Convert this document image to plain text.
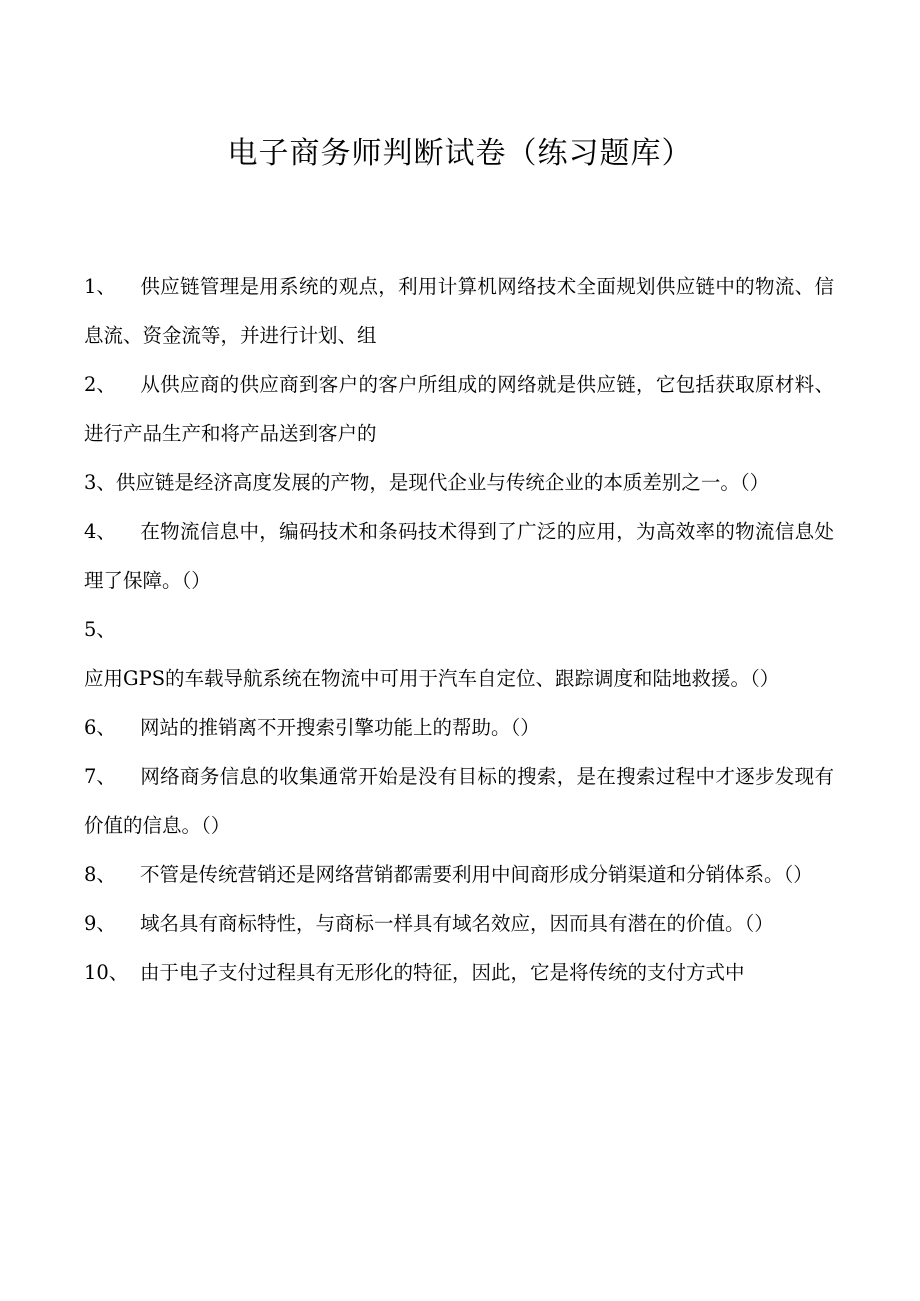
电子商务师判断试卷（练习题库）

1、 供应链管理是用系统的观点，利用计算机网络技术全面规划供应链中的物流、信息流、资金流等，并进行计划、组

2、 从供应商的供应商到客户的客户所组成的网络就是供应链，它包括获取原材料、进行产品生产和将产品送到客户的

3、供应链是经济高度发展的产物，是现代企业与传统企业的本质差别之一。（）

4、 在物流信息中，编码技术和条码技术得到了广泛的应用，为高效率的物流信息处理了保障。（）

5、应用GPS的车载导航系统在物流中可用于汽车自定位、跟踪调度和陆地救援。（）

6、 网站的推销离不开搜索引擎功能上的帮助。（）

7、 网络商务信息的收集通常开始是没有目标的搜索，是在搜索过程中才逐步发现有价值的信息。（）

8、 不管是传统营销还是网络营销都需要利用中间商形成分销渠道和分销体系。（）

9、 域名具有商标特性，与商标一样具有域名效应，因而具有潜在的价值。（）

10、 由于电子支付过程具有无形化的特征，因此，它是将传统的支付方式中
